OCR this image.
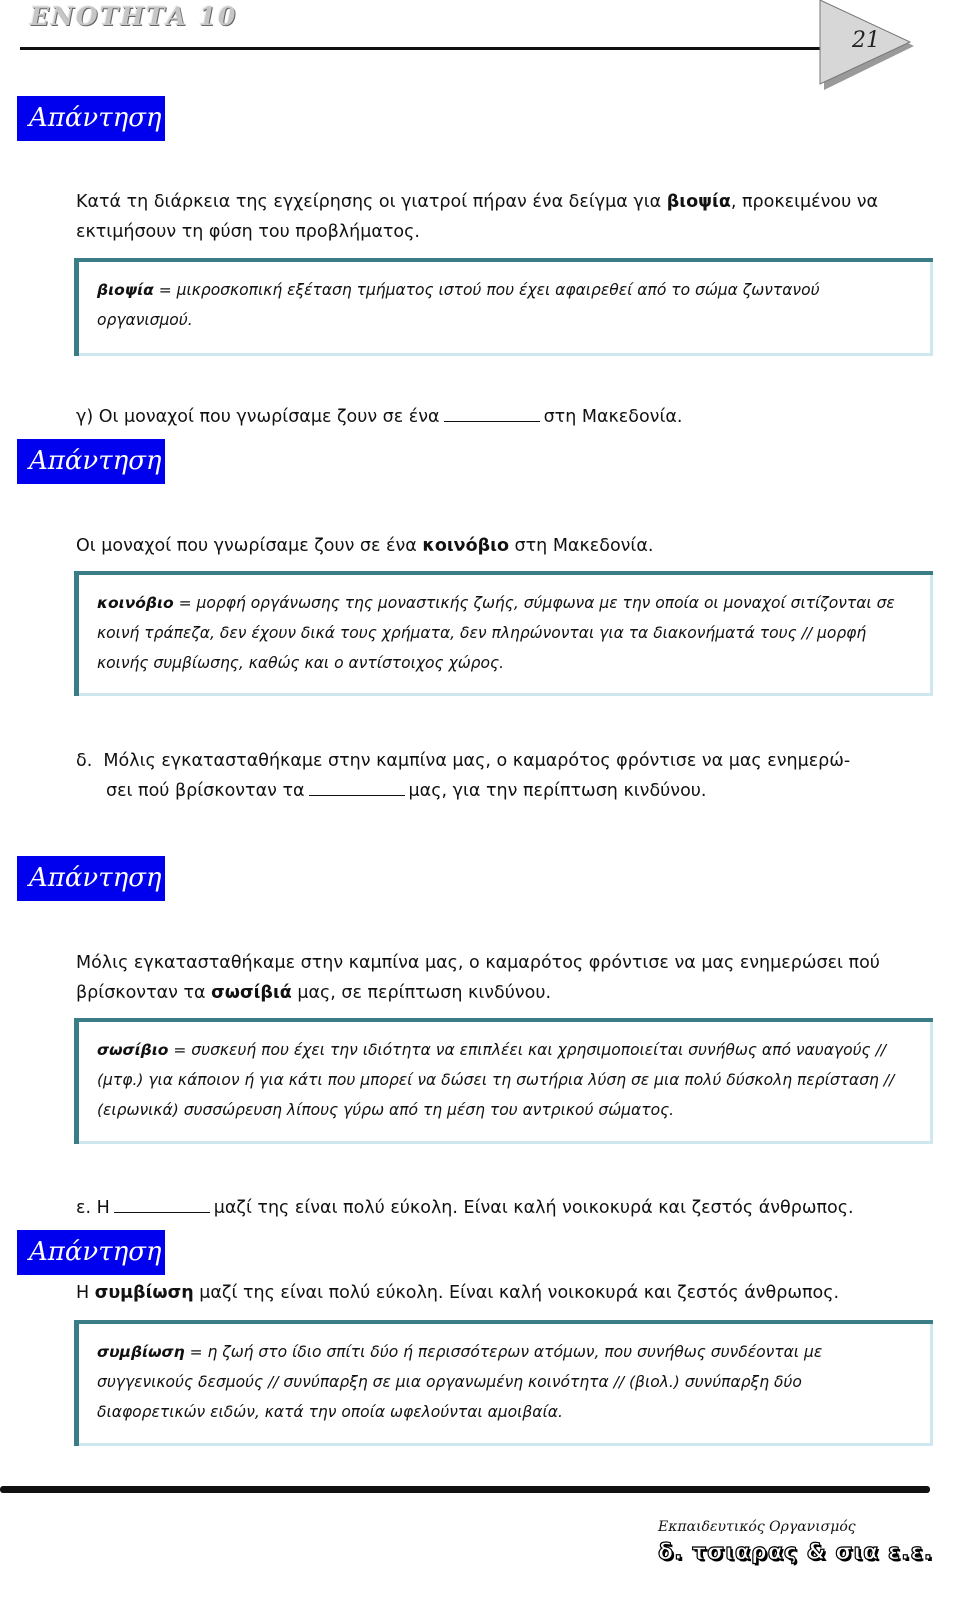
ΕΝΟΤΗΤΑ 10
21
Απάντηση
Κατά τη διάρκεια της εγχείρησης οι γιατροί πήραν ένα δείγμα για βιοψία, προκειμένου να εκτιμήσουν τη φύση του προβλήματος.
βιοψία = μικροσκοπική εξέταση τμήματος ιστού που έχει αφαιρεθεί από το σώμα ζωντανού οργανισμού.
γ) Οι μοναχοί που γνωρίσαμε ζουν σε ένα	στη Μακεδονία.
Απάντηση
Οι μοναχοί που γνωρίσαμε ζουν σε ένα κοινόβιο στη Μακεδονία.
κοινόβιο = μορφή οργάνωσης της μοναστικής ζωής, σύμφωνα με την οποία οι μοναχοί σιτίζονται σε κοινή τράπεζα, δεν έχουν δικά τους χρήματα, δεν πληρώνονται για τα διακονήματά τους // μορφή κοινής συμβίωσης, καθώς και ο αντίστοιχος χώρος.
δ. Μόλις εγκατασταθήκαμε στην καμπίνα μας, ο καμαρότος φρόντισε να μας ενημερώ-
σει πού βρίσκονταν τα	μας, για την περίπτωση κινδύνου.
Απάντηση
Μόλις εγκατασταθήκαμε στην καμπίνα μας, ο καμαρότος φρόντισε να μας ενημερώσει πού βρίσκονταν τα σωσίβιά μας, σε περίπτωση κινδύνου.
σωσίβιο = συσκευή που έχει την ιδιότητα να επιπλέει και χρησιμοποιείται συνήθως από ναυαγούς // (μτφ.) για κάποιον ή για κάτι που μπορεί να δώσει τη σωτήρια λύση σε μια πολύ δύσκολη περίσταση // (ειρωνικά) συσσώρευση λίπους γύρω από τη μέση του αντρικού σώματος.
ε. Η	μαζί της είναι πολύ εύκολη. Είναι καλή νοικοκυρά και ζεστός άνθρωπος.
Απάντηση
Η συμβίωση μαζί της είναι πολύ εύκολη. Είναι καλή νοικοκυρά και ζεστός άνθρωπος.
συμβίωση = η ζωή στο ίδιο σπίτι δύο ή περισσότερων ατόμων, που συνήθως συνδέονται με συγγενικούς δεσμούς // συνύπαρξη σε μια οργανωμένη κοινότητα // (βιολ.) συνύπαρξη δύο διαφορετικών ειδών, κατά την οποία ωφελούνται αμοιβαία.
Εκπαιδευτικός Οργανισμός
δ. τσιαρας & σια ε.ε.
